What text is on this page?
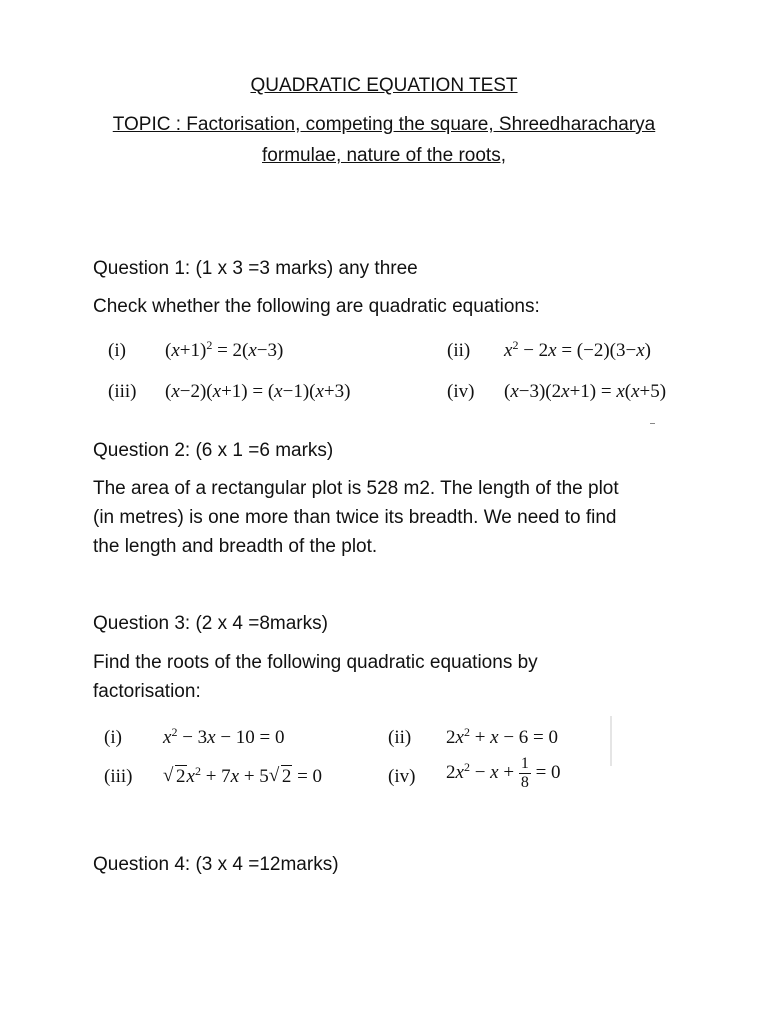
QUADRATIC EQUATION TEST
TOPIC : Factorisation, competing the square, Shreedharacharya
formulae, nature of the roots,
Question 1: (1 x 3 =3 marks) any three
Check whether the following are quadratic equations:
(i) $(x+1)^2 = 2(x-3)$	(ii) $x^2 - 2x = (-2)(3-x)$
(iii) (x−2)(x+1) = (x−1)(x+3)	(iv) (x−3)(2x+1) = x(x+5)
Question 2: (6 x 1 =6 marks)
The area of a rectangular plot is 528 m2. The length of the plot
(in metres) is one more than twice its breadth. We need to find
the length and breadth of the plot.
Question 3: (2 x 4 =8marks)
Find the roots of the following quadratic equations by
factorisation:
(i) $x^2 - 3x - 10 = 0$	(ii) $2x^2 + x - 6 = 0$
(iii)
√	$2x^2 + 7x + 5√$ 2 = 0	(iv) $2x^2 - x + \frac{1}{8} = 0$
Question 4: (3 x 4 =12marks)
